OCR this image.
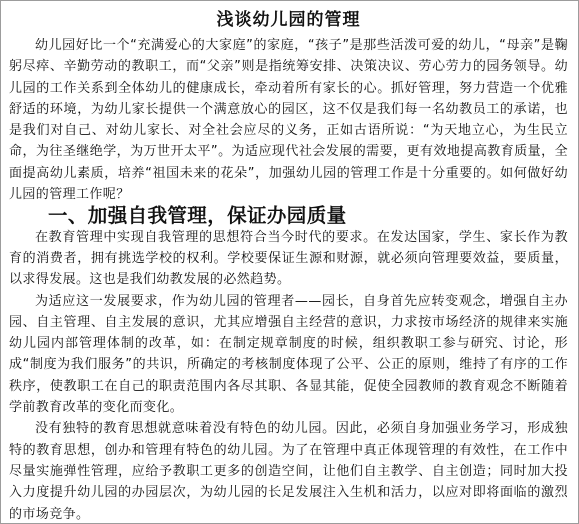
浅谈幼儿园的管理

幼儿园好比一个“充满爱心的大家庭”的家庭，“孩子”是那些活泼可爱的幼儿，“母亲”是鞠躬尽瘁、辛勤劳动的教职工，而“父亲”则是指统筹安排、决策决议、劳心劳力的园务领导。幼儿园的工作关系到全体幼儿的健康成长，牵动着所有家长的心。抓好管理，努力营造一个优雅舒适的环境，为幼儿家长提供一个满意放心的园区，这不仅是我们每一名幼教员工的承诺，也是我们对自己、对幼儿家长、对全社会应尽的义务，正如古语所说：“为天地立心，为生民立命，为往圣继绝学，为万世开太平”。为适应现代社会发展的需要，更有效地提高教育质量，全面提高幼儿素质，培养“祖国未来的花朵”，加强幼儿园的管理工作是十分重要的。如何做好幼儿园的管理工作呢？

一、加强自我管理，保证办园质量

在教育管理中实现自我管理的思想符合当今时代的要求。在发达国家，学生、家长作为教育的消费者，拥有挑选学校的权利。学校要保证生源和财源，就必须向管理要效益，要质量，以求得发展。这也是我们幼教发展的必然趋势。

为适应这一发展要求，作为幼儿园的管理者——园长，自身首先应转变观念，增强自主办园、自主管理、自主发展的意识，尤其应增强自主经营的意识，力求按市场经济的规律来实施幼儿园内部管理体制的改革，如：在制定规章制度的时候，组织教职工参与研究、讨论，形成“制度为我们服务”的共识，所确定的考核制度体现了公平、公正的原则，维持了有序的工作秩序，使教职工在自己的职责范围内各尽其职、各显其能，促使全园教师的教育观念不断随着学前教育改革的变化而变化。

没有独特的教育思想就意味着没有特色的幼儿园。因此，必须自身加强业务学习，形成独特的教育思想，创办和管理有特色的幼儿园。为了在管理中真正体现管理的有效性，在工作中尽量实施弹性管理，应给予教职工更多的创造空间，让他们自主教学、自主创造；同时加大投入力度提升幼儿园的办园层次，为幼儿园的长足发展注入生机和活力，以应对即将面临的激烈的市场竞争。
